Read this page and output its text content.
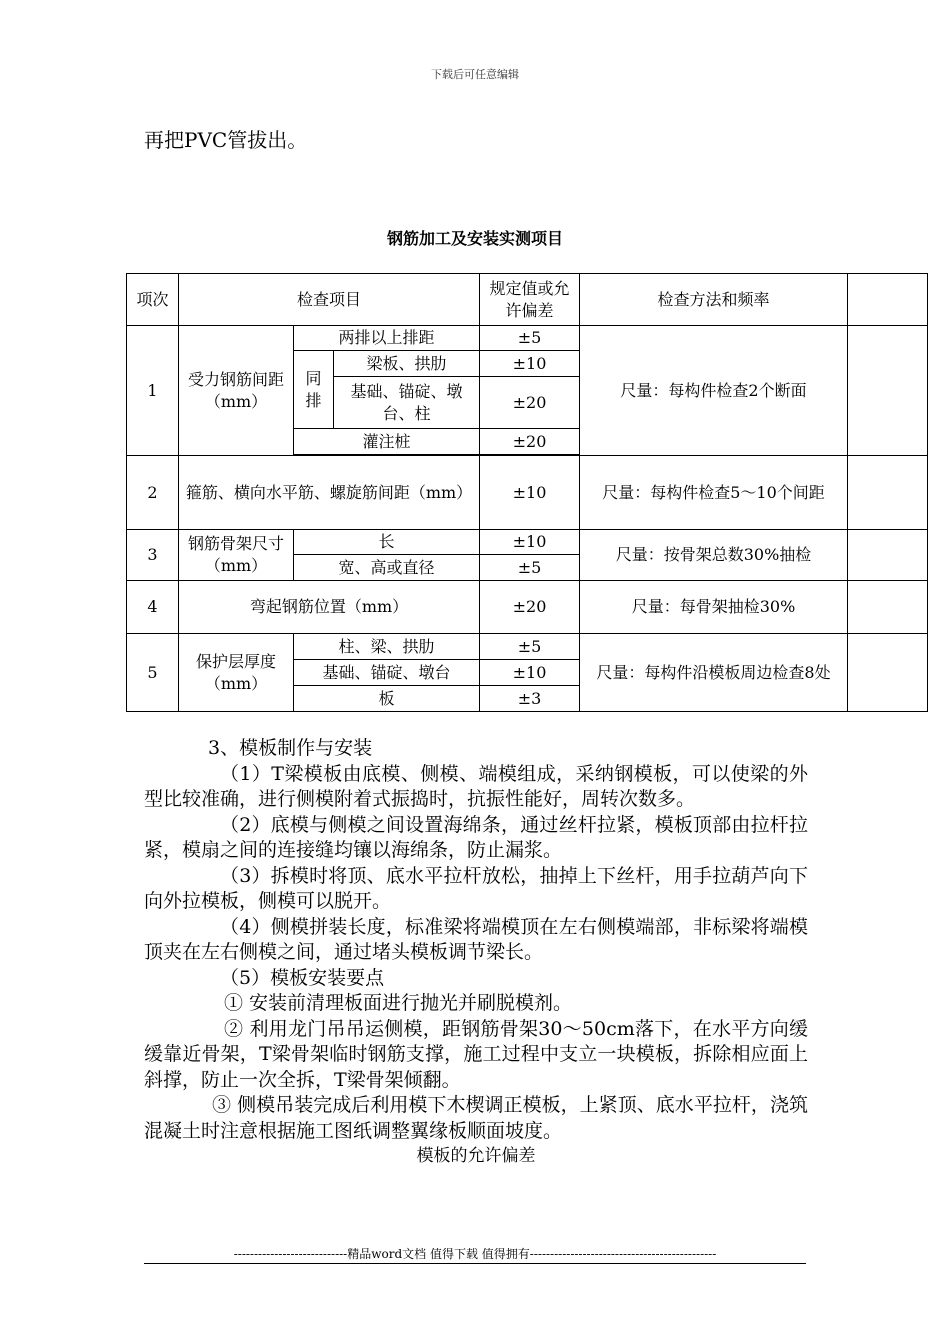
下载后可任意编辑
再把PVC管拔出。
钢筋加工及安装实测项目
项次	检查项目			规定值或允许偏差	检查方法和频率	
1	受力钢筋间距（mm）	两排以上排距		±5	尺量：每构件检查2个断面	
		同排	梁板、拱肋	±10		
			基础、锚碇、墩台、柱	±20		
		灌注桩		±20		

2	箍筋、横向水平筋、螺旋筋间距（mm）			±10	尺量：每构件检查5～10个间距	
3	钢筋骨架尺寸（mm）	长		±10	尺量：按骨架总数30%抽检	
		宽、高或直径		±5		
4	弯起钢筋位置（mm）			±20	尺量：每骨架抽检30%	
5	保护层厚度（mm）	柱、梁、拱肋		±5	尺量：每构件沿模板周边检查8处	
		基础、锚碇、墩台		±10		
		板		±3		

3、模板制作与安装

（1）T梁模板由底模、侧模、端模组成，采纳钢模板，可以使梁的外型比较准确，进行侧模附着式振捣时，抗振性能好，周转次数多。

（2）底模与侧模之间设置海绵条，通过丝杆拉紧，模板顶部由拉杆拉紧，模扇之间的连接缝均镶以海绵条，防止漏浆。

（3）拆模时将顶、底水平拉杆放松，抽掉上下丝杆，用手拉葫芦向下向外拉模板，侧模可以脱开。

（4）侧模拼装长度，标准梁将端模顶在左右侧模端部，非标梁将端模顶夹在左右侧模之间，通过堵头模板调节梁长。

（5）模板安装要点

① 安装前清理板面进行抛光并刷脱模剂。

② 利用龙门吊吊运侧模，距钢筋骨架30～50cm落下，在水平方向缓缓靠近骨架，T梁骨架临时钢筋支撑，施工过程中支立一块模板，拆除相应面上斜撑，防止一次全拆，T梁骨架倾翻。

③ 侧模吊装完成后利用模下木楔调正模板，上紧顶、底水平拉杆，浇筑混凝土时注意根据施工图纸调整翼缘板顺面坡度。

模板的允许偏差

----------------------------精品word文档 值得下载 值得拥有----------------------------------------------
